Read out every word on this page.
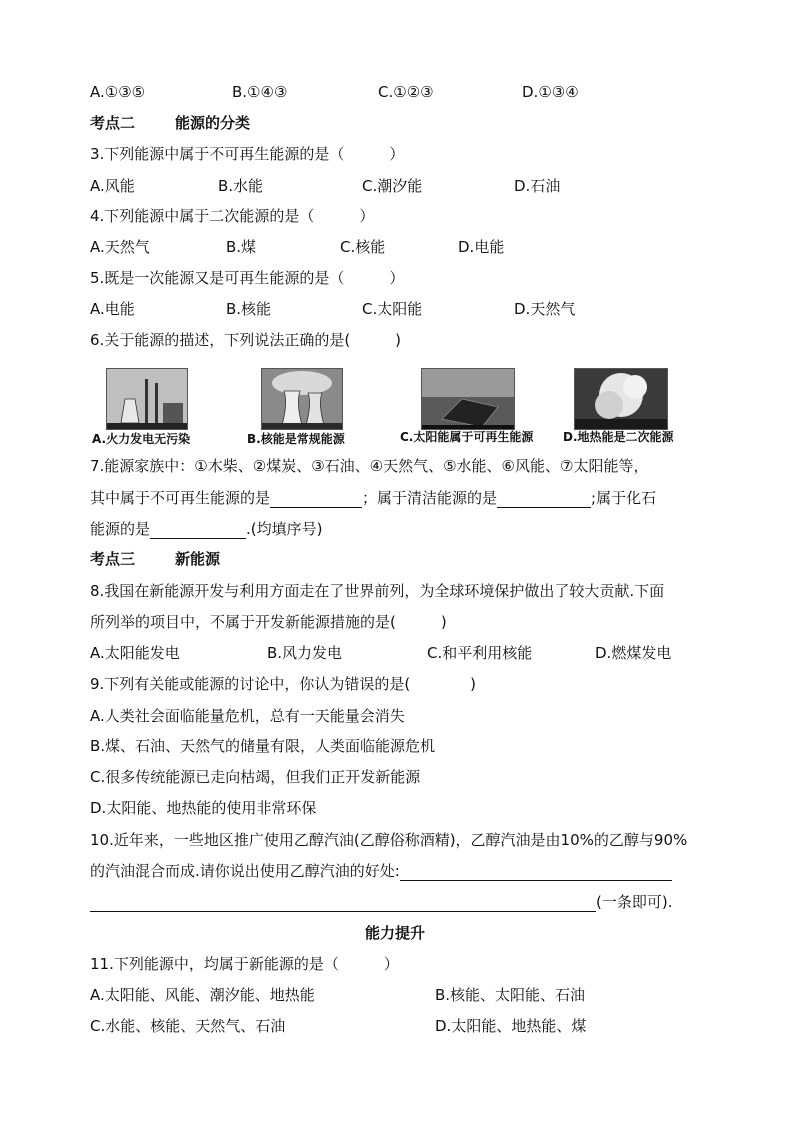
A.①③⑤	B.①④③	C.①②③	D.①③④
考点二	能源的分类
3.下列能源中属于不可再生能源的是（　　　）
A.风能	B.水能	C.潮汐能	D.石油
4.下列能源中属于二次能源的是（　　　）
A.天然气	B.煤	C.核能	D.电能
5.既是一次能源又是可再生能源的是（　　　）
A.电能	B.核能	C.太阳能	D.天然气
6.关于能源的描述，下列说法正确的是(　　　)
A.火力发电无污染	B.核能是常规能源	C.太阳能属于可再生能源 D.地热能是二次能源
7.能源家族中：①木柴、②煤炭、③石油、④天然气、⑤水能、⑥风能、⑦太阳能等，
其中属于不可再生能源的是	；属于清洁能源的是	;属于化石
能源的是	.(均填序号)
考点三	新能源
8.我国在新能源开发与利用方面走在了世界前列，为全球环境保护做出了较大贡献.下面
所列举的项目中，不属于开发新能源措施的是(　　　)
A.太阳能发电	B.风力发电	C.和平利用核能	D.燃煤发电
9.下列有关能或能源的讨论中，你认为错误的是(　　　　)
A.人类社会面临能量危机，总有一天能量会消失
B.煤、石油、天然气的储量有限，人类面临能源危机
C.很多传统能源已走向枯竭，但我们正开发新能源
D.太阳能、地热能的使用非常环保
10.近年来，一些地区推广使用乙醇汽油(乙醇俗称酒精)，乙醇汽油是由10%的乙醇与90%
的汽油混合而成.请你说出使用乙醇汽油的好处:
(一条即可).
能力提升
11.下列能源中，均属于新能源的是（　　　）
A.太阳能、风能、潮汐能、地热能	B.核能、太阳能、石油
C.水能、核能、天然气、石油	D.太阳能、地热能、煤
